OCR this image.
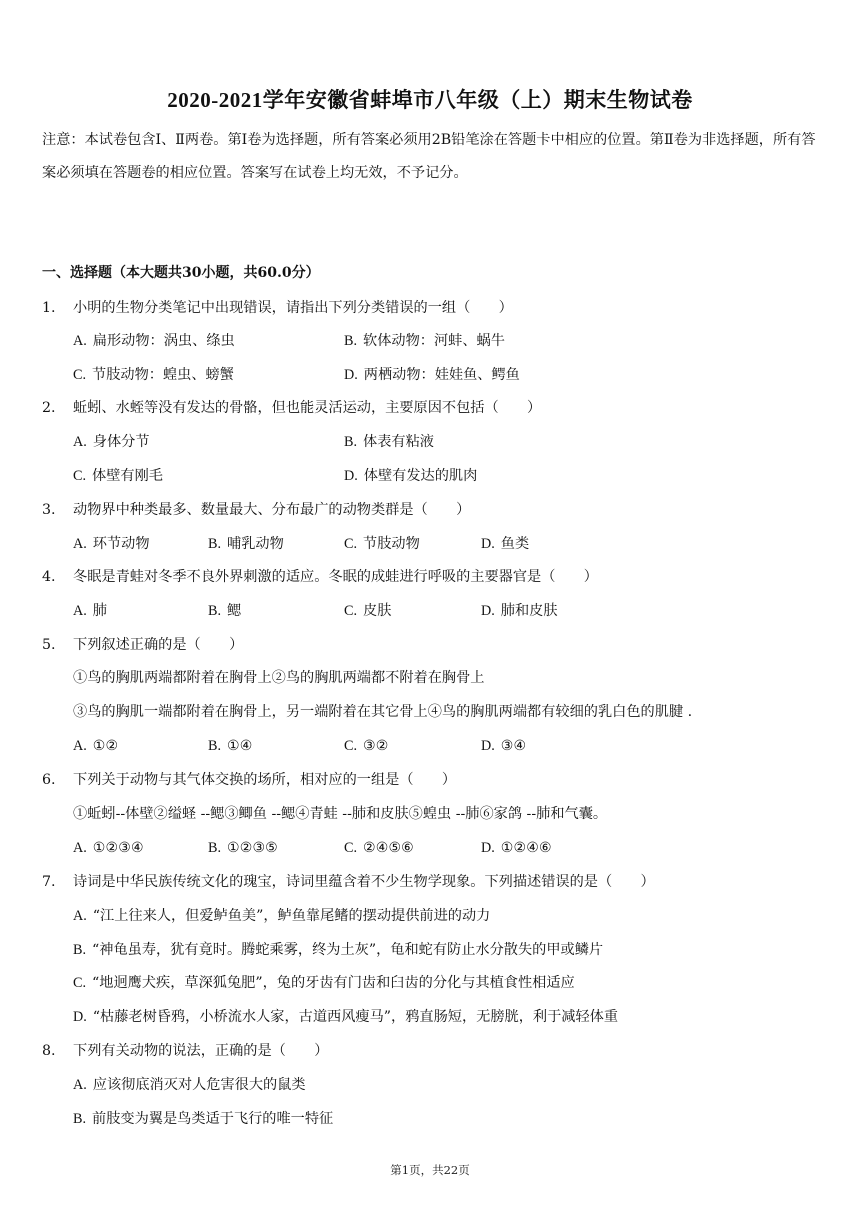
2020-2021学年安徽省蚌埠市八年级（上）期末生物试卷

注意：本试卷包含Ⅰ、Ⅱ两卷。第Ⅰ卷为选择题，所有答案必须用2B铅笔涂在答题卡中相应的位置。第Ⅱ卷为非选择题，所有答案必须填在答题卷的相应位置。答案写在试卷上均无效，不予记分。

一、选择题（本大题共30小题，共60.0分）

1. 小明的生物分类笔记中出现错误，请指出下列分类错误的一组（　　）
A. 扁形动物：涡虫、绦虫	B. 软体动物：河蚌、蜗牛
C. 节肢动物：蝗虫、螃蟹	D. 两栖动物：娃娃鱼、鳄鱼
2. 蚯蚓、水蛭等没有发达的骨骼，但也能灵活运动，主要原因不包括（　　）
A. 身体分节	B. 体表有粘液
C. 体壁有刚毛	D. 体壁有发达的肌肉
3. 动物界中种类最多、数量最大、分布最广的动物类群是（　　）
A. 环节动物	B. 哺乳动物	C. 节肢动物	D. 鱼类
4. 冬眠是青蛙对冬季不良外界刺激的适应。冬眠的成蛙进行呼吸的主要器官是（　　）
A. 肺	B. 鳃	C. 皮肤	D. 肺和皮肤
5. 下列叙述正确的是（　　）
①鸟的胸肌两端都附着在胸骨上②鸟的胸肌两端都不附着在胸骨上
③鸟的胸肌一端都附着在胸骨上，另一端附着在其它骨上④鸟的胸肌两端都有较细的乳白色的肌腱 .
A. ①②	B. ①④	C. ③②	D. ③④
6. 下列关于动物与其气体交换的场所，相对应的一组是（　　）
①蚯蚓--体壁②缢蛏 --鳃③鲫鱼 --鳃④青蛙 --肺和皮肤⑤蝗虫 --肺⑥家鸽 --肺和气囊。
A. ①②③④	B. ①②③⑤	C. ②④⑤⑥	D. ①②④⑥
7. 诗词是中华民族传统文化的瑰宝，诗词里蕴含着不少生物学现象。下列描述错误的是（　　）
A. “江上往来人，但爱鲈鱼美”，鲈鱼靠尾鳍的摆动提供前进的动力
B. “神龟虽寿，犹有竟时。腾蛇乘雾，终为土灰”，龟和蛇有防止水分散失的甲或鳞片
C. “地迥鹰犬疾，草深狐兔肥”，兔的牙齿有门齿和臼齿的分化与其植食性相适应
D. “枯藤老树昏鸦，小桥流水人家，古道西风瘦马”，鸦直肠短，无膀胱，利于减轻体重
8. 下列有关动物的说法，正确的是（　　）
A. 应该彻底消灭对人危害很大的鼠类
B. 前肢变为翼是鸟类适于飞行的唯一特征
第1页，共22页
